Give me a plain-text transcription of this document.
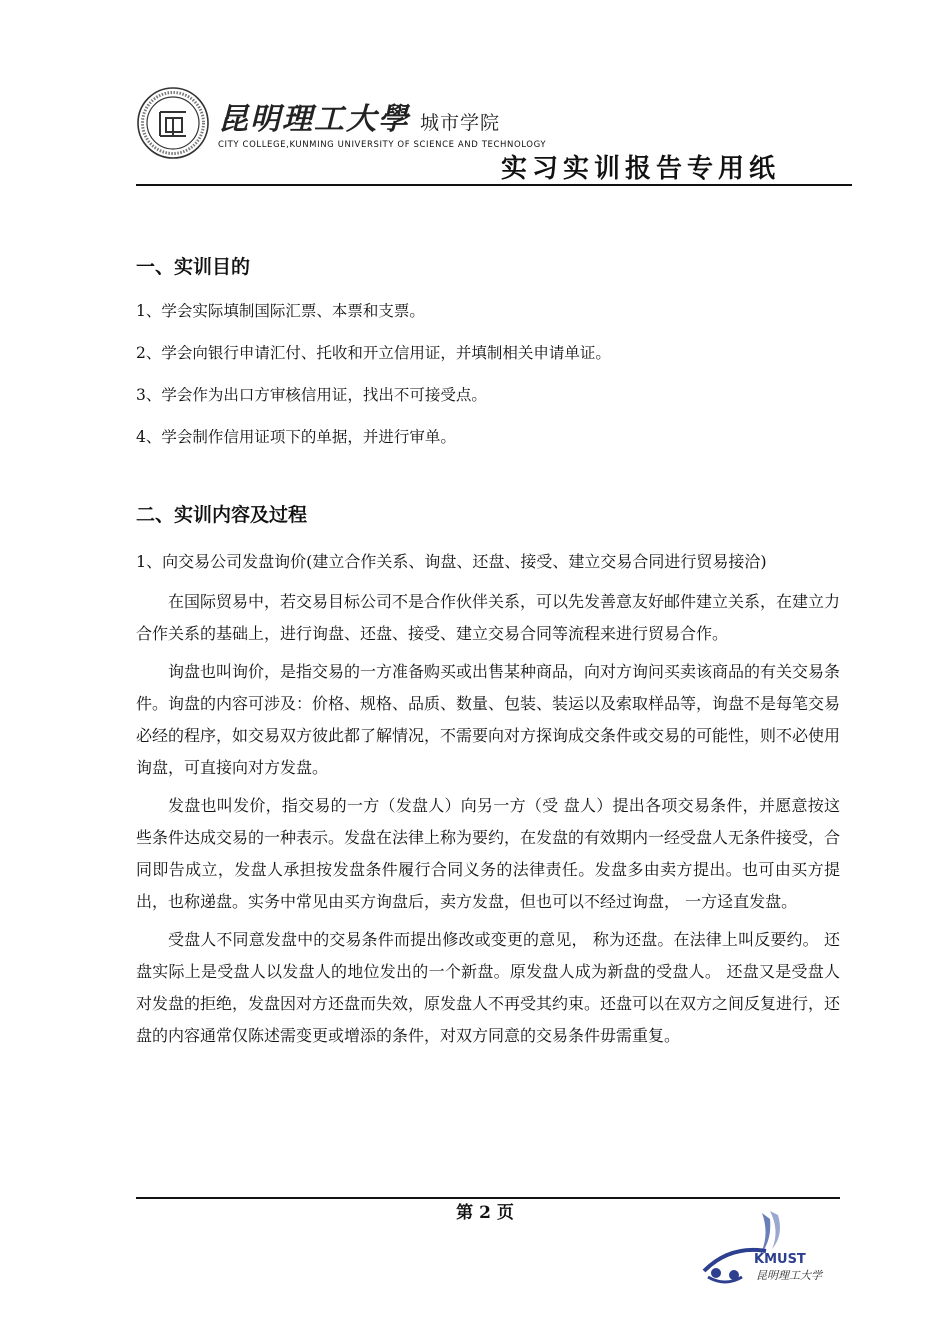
昆明理工大學 城市学院
CITY COLLEGE,KUNMING UNIVERSITY OF SCIENCE AND TECHNOLOGY
实习实训报告专用纸
一、实训目的
1、学会实际填制国际汇票、本票和支票。
2、学会向银行申请汇付、托收和开立信用证，并填制相关申请单证。
3、学会作为出口方审核信用证，找出不可接受点。
4、学会制作信用证项下的单据，并进行审单。
二、实训内容及过程
1、向交易公司发盘询价(建立合作关系、询盘、还盘、接受、建立交易合同进行贸易接洽)

在国际贸易中，若交易目标公司不是合作伙伴关系，可以先发善意友好邮件建立关系，在建立力合作关系的基础上，进行询盘、还盘、接受、建立交易合同等流程来进行贸易合作。

询盘也叫询价，是指交易的一方准备购买或出售某种商品，向对方询问买卖该商品的有关交易条件。询盘的内容可涉及：价格、规格、品质、数量、包装、装运以及索取样品等，询盘不是每笔交易必经的程序，如交易双方彼此都了解情况，不需要向对方探询成交条件或交易的可能性，则不必使用询盘，可直接向对方发盘。

发盘也叫发价，指交易的一方（发盘人）向另一方（受 盘人）提出各项交易条件，并愿意按这些条件达成交易的一种表示。发盘在法律上称为要约，在发盘的有效期内一经受盘人无条件接受，合同即告成立，发盘人承担按发盘条件履行合同义务的法律责任。发盘多由卖方提出。也可由买方提出，也称递盘。实务中常见由买方询盘后，卖方发盘，但也可以不经过询盘， 一方迳直发盘。

受盘人不同意发盘中的交易条件而提出修改或变更的意见， 称为还盘。在法律上叫反要约。 还盘实际上是受盘人以发盘人的地位发出的一个新盘。原发盘人成为新盘的受盘人。 还盘又是受盘人对发盘的拒绝，发盘因对方还盘而失效，原发盘人不再受其约束。还盘可以在双方之间反复进行，还盘的内容通常仅陈述需变更或增添的条件，对双方同意的交易条件毋需重复。

第 2 页
KMUST
昆明理工大学
